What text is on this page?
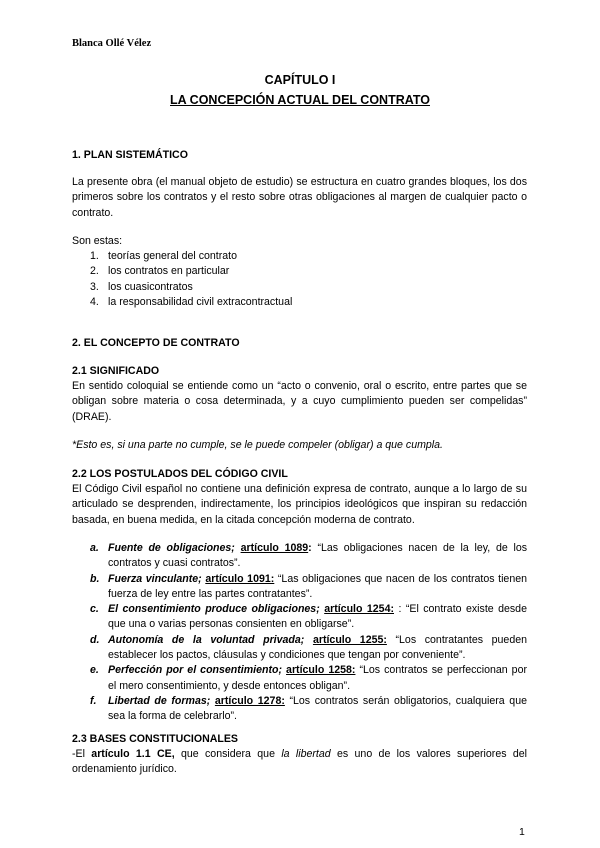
Blanca Ollé Vélez
CAPÍTULO I
LA CONCEPCIÓN ACTUAL DEL CONTRATO
1. PLAN SISTEMÁTICO
La presente obra (el manual objeto de estudio) se estructura en cuatro grandes bloques, los dos primeros sobre los contratos y el resto sobre otras obligaciones al margen de cualquier pacto o contrato.
Son estas:
1. teorías general del contrato
2. los contratos en particular
3. los cuasicontratos
4. la responsabilidad civil extracontractual
2. EL CONCEPTO DE CONTRATO
2.1 SIGNIFICADO
En sentido coloquial se entiende como un “acto o convenio, oral o escrito, entre partes que se obligan sobre materia o cosa determinada, y a cuyo cumplimiento pueden ser compelidas” (DRAE).
*Esto es, si una parte no cumple, se le puede compeler (obligar) a que cumpla.
2.2 LOS POSTULADOS DEL CÓDIGO CIVIL
El Código Civil español no contiene una definición expresa de contrato, aunque a lo largo de su articulado se desprenden, indirectamente, los principios ideológicos que inspiran su redacción basada, en buena medida, en la citada concepción moderna de contrato.
a. Fuente de obligaciones; artículo 1089: “Las obligaciones nacen de la ley, de los contratos y cuasi contratos”.
b. Fuerza vinculante; artículo 1091: “Las obligaciones que nacen de los contratos tienen fuerza de ley entre las partes contratantes”.
c. El consentimiento produce obligaciones; artículo 1254: : “El contrato existe desde que una o varias personas consienten en obligarse”.
d. Autonomía de la voluntad privada; artículo 1255: “Los contratantes pueden establecer los pactos, cláusulas y condiciones que tengan por conveniente”.
e. Perfección por el consentimiento; artículo 1258: “Los contratos se perfeccionan por el mero consentimiento, y desde entonces obligan”.
f. Libertad de formas; artículo 1278: “Los contratos serán obligatorios, cualquiera que sea la forma de celebrarlo”.
2.3 BASES CONSTITUCIONALES
-El artículo 1.1 CE, que considera que la libertad es uno de los valores superiores del ordenamiento jurídico.
1
